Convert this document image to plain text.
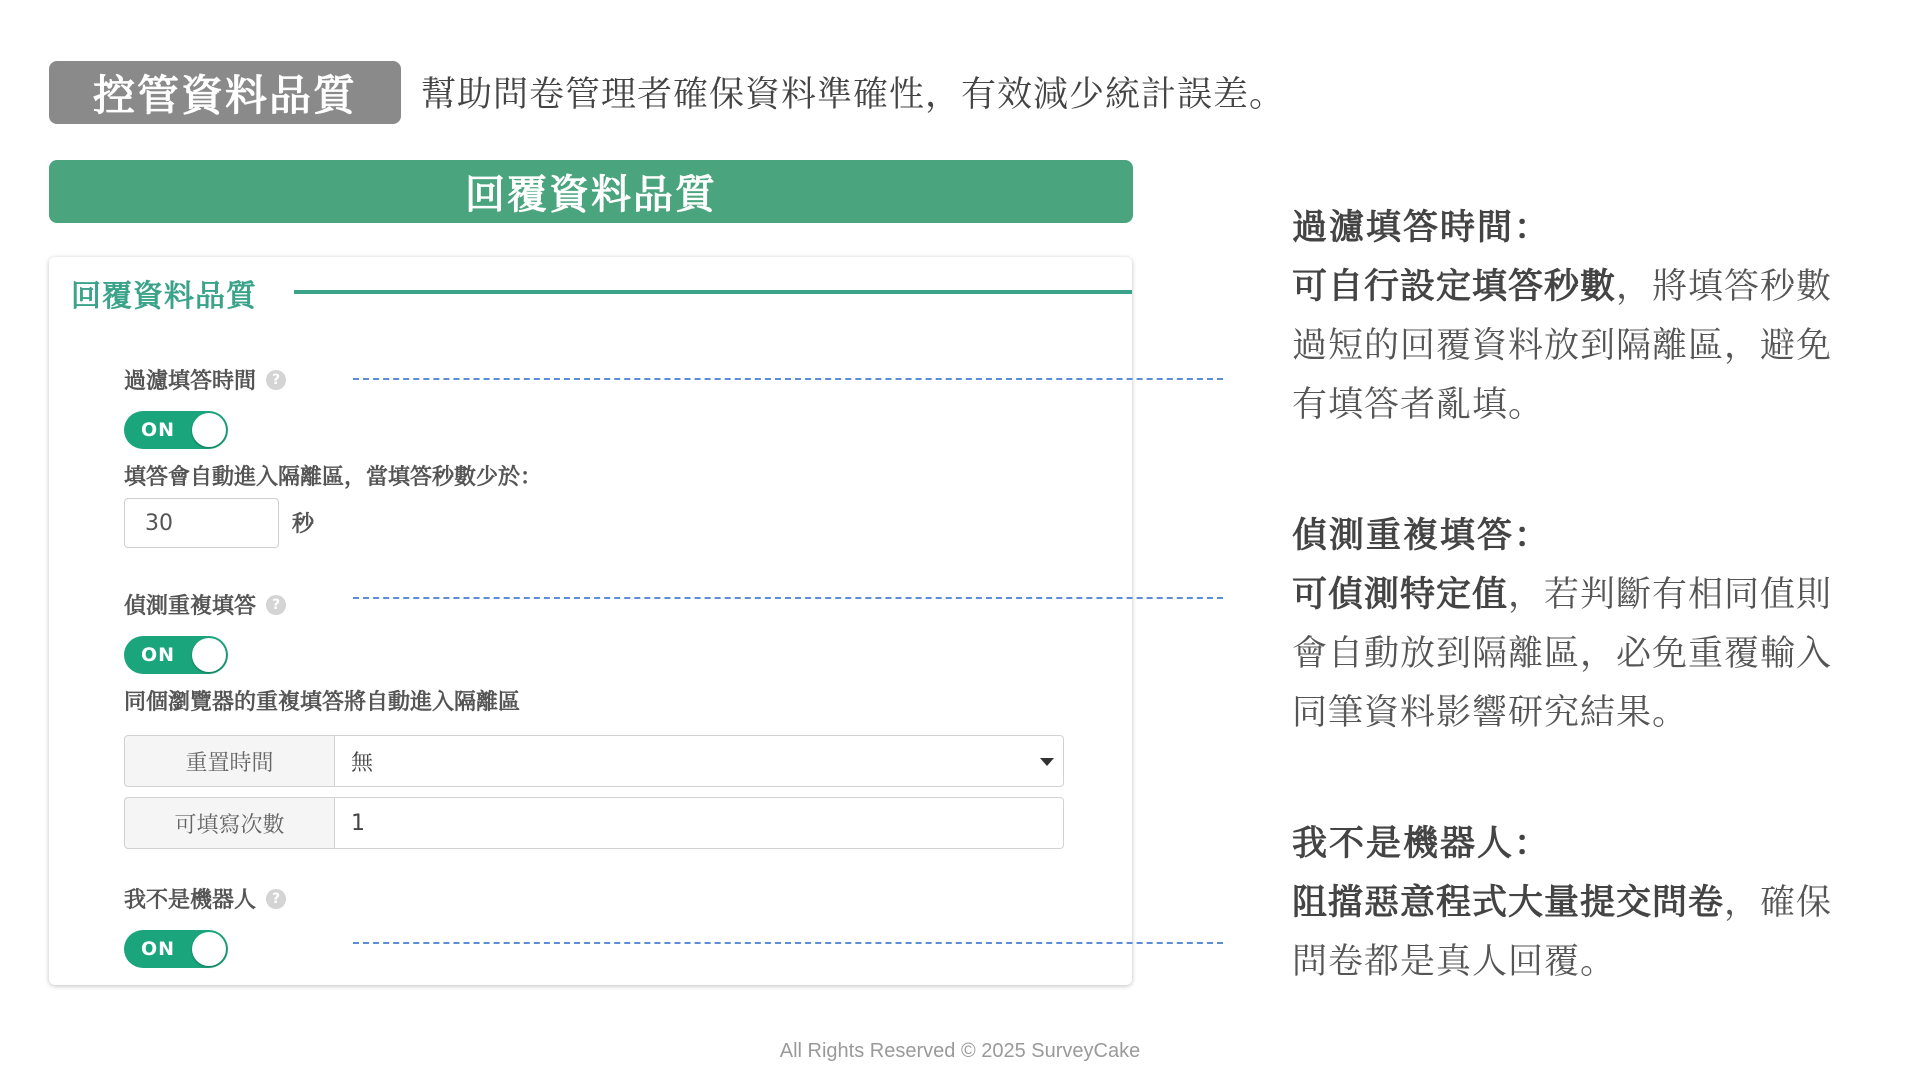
控管資料品質	幫助問卷管理者確保資料準確性，有效減少統計誤差。
回覆資料品質
回覆資料品質
過濾填答時間	?
ON
填答會自動進入隔離區，當填答秒數少於：
30
秒
偵測重複填答	?
ON
同個瀏覽器的重複填答將自動進入隔離區
重置時間	無
可填寫次數	1
我不是機器人	?
ON
過濾填答時間：
可自行設定填答秒數，將填答秒數過短的回覆資料放到隔離區，避免有填答者亂填。
偵測重複填答：
可偵測特定值，若判斷有相同值則會自動放到隔離區，必免重覆輸入同筆資料影響研究結果。
我不是機器人：
阻擋惡意程式大量提交問卷，確保問卷都是真人回覆。
All Rights Reserved © 2025 SurveyCake
